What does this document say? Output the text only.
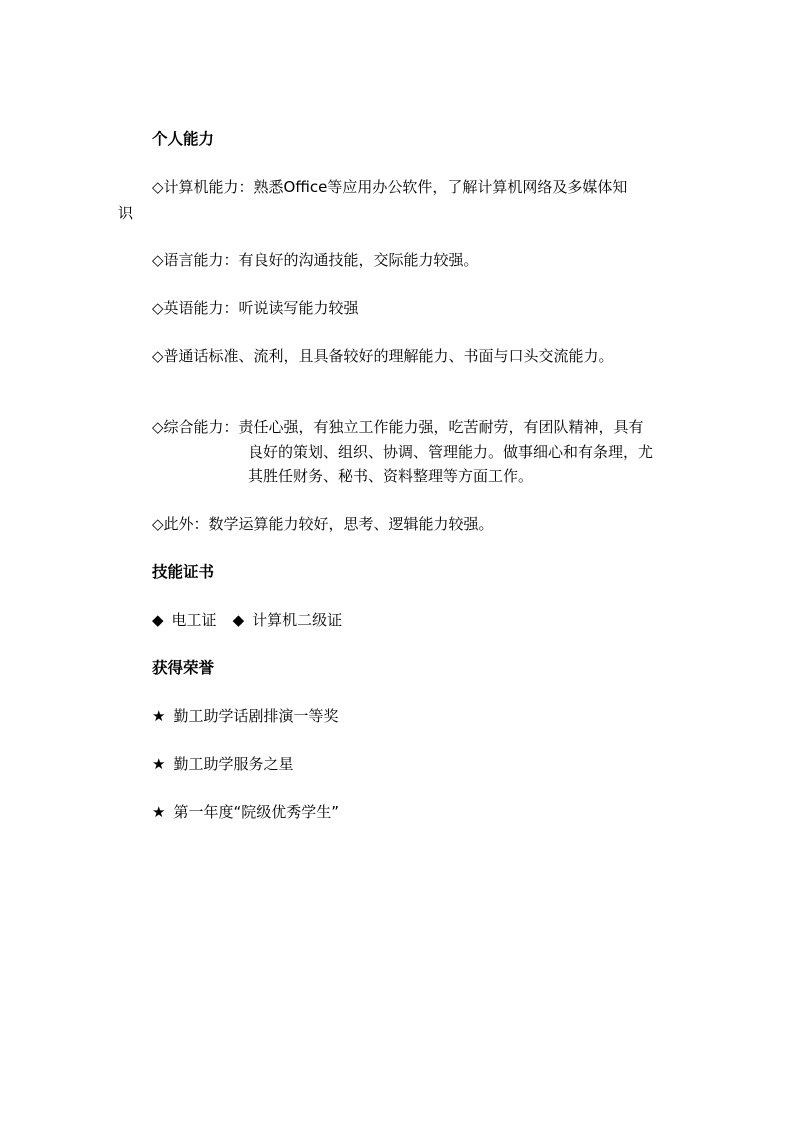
个人能力
◇计算机能力：熟悉Office等应用办公软件，了解计算机网络及多媒体知
识
◇语言能力：有良好的沟通技能，交际能力较强。
◇英语能力：听说读写能力较强
◇普通话标准、流利，且具备较好的理解能力、书面与口头交流能力。
◇综合能力：责任心强，有独立工作能力强，吃苦耐劳，有团队精神，具有
良好的策划、组织、协调、管理能力。做事细心和有条理，尤
其胜任财务、秘书、资料整理等方面工作。
◇此外：数学运算能力较好，思考、逻辑能力较强。
技能证书
◆ 电工证 ◆ 计算机二级证
获得荣誉
★ 勤工助学话剧排演一等奖
★ 勤工助学服务之星
★ 第一年度“院级优秀学生”
